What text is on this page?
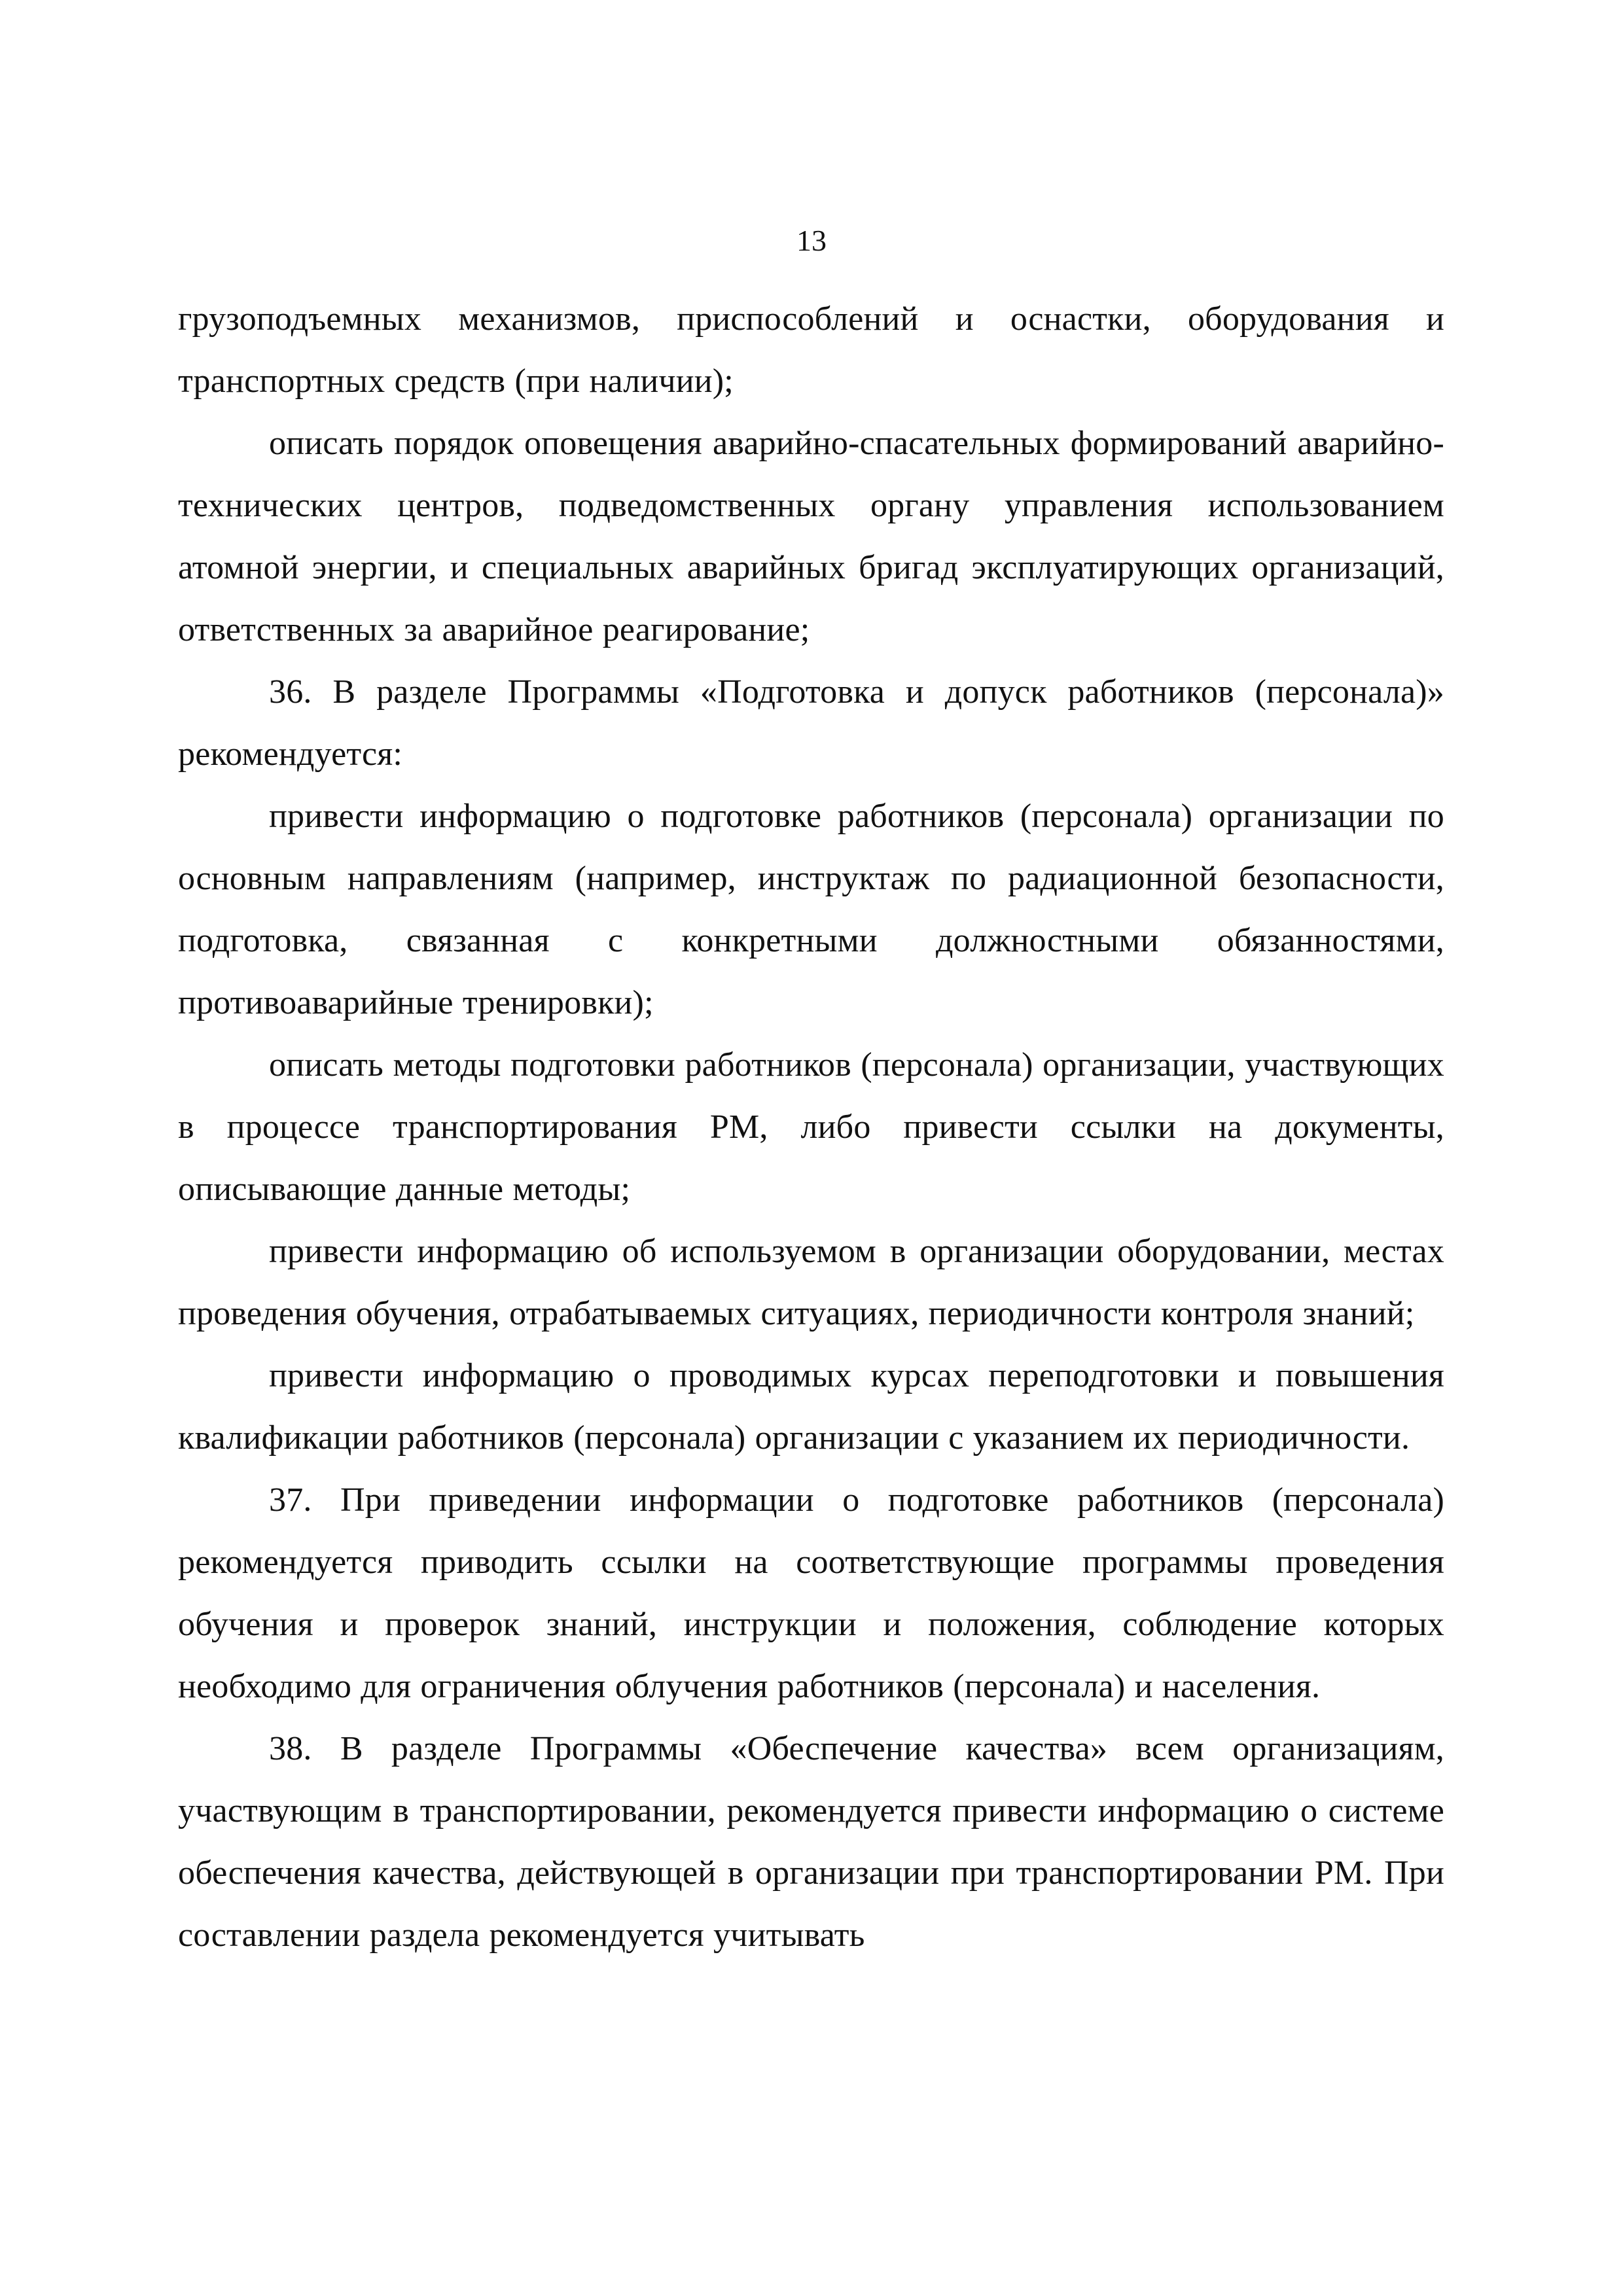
13

грузоподъемных механизмов, приспособлений и оснастки, оборудования и транспортных средств (при наличии);

описать порядок оповещения аварийно-спасательных формирований аварийно-технических центров, подведомственных органу управления использованием атомной энергии, и специальных аварийных бригад эксплуатирующих организаций, ответственных за аварийное реагирование;

36. В разделе Программы «Подготовка и допуск работников (персонала)» рекомендуется:

привести информацию о подготовке работников (персонала) организации по основным направлениям (например, инструктаж по радиационной безопасности, подготовка, связанная с конкретными должностными обязанностями, противоаварийные тренировки);

описать методы подготовки работников (персонала) организации, участвующих в процессе транспортирования РМ, либо привести ссылки на документы, описывающие данные методы;

привести информацию об используемом в организации оборудовании, местах проведения обучения, отрабатываемых ситуациях, периодичности контроля знаний;

привести информацию о проводимых курсах переподготовки и повышения квалификации работников (персонала) организации с указанием их периодичности.

37. При приведении информации о подготовке работников (персонала) рекомендуется приводить ссылки на соответствующие программы проведения обучения и проверок знаний, инструкции и положения, соблюдение которых необходимо для ограничения облучения работников (персонала) и населения.

38. В разделе Программы «Обеспечение качества» всем организациям, участвующим в транспортировании, рекомендуется привести информацию о системе обеспечения качества, действующей в организации при транспортировании РМ. При составлении раздела рекомендуется учитывать
